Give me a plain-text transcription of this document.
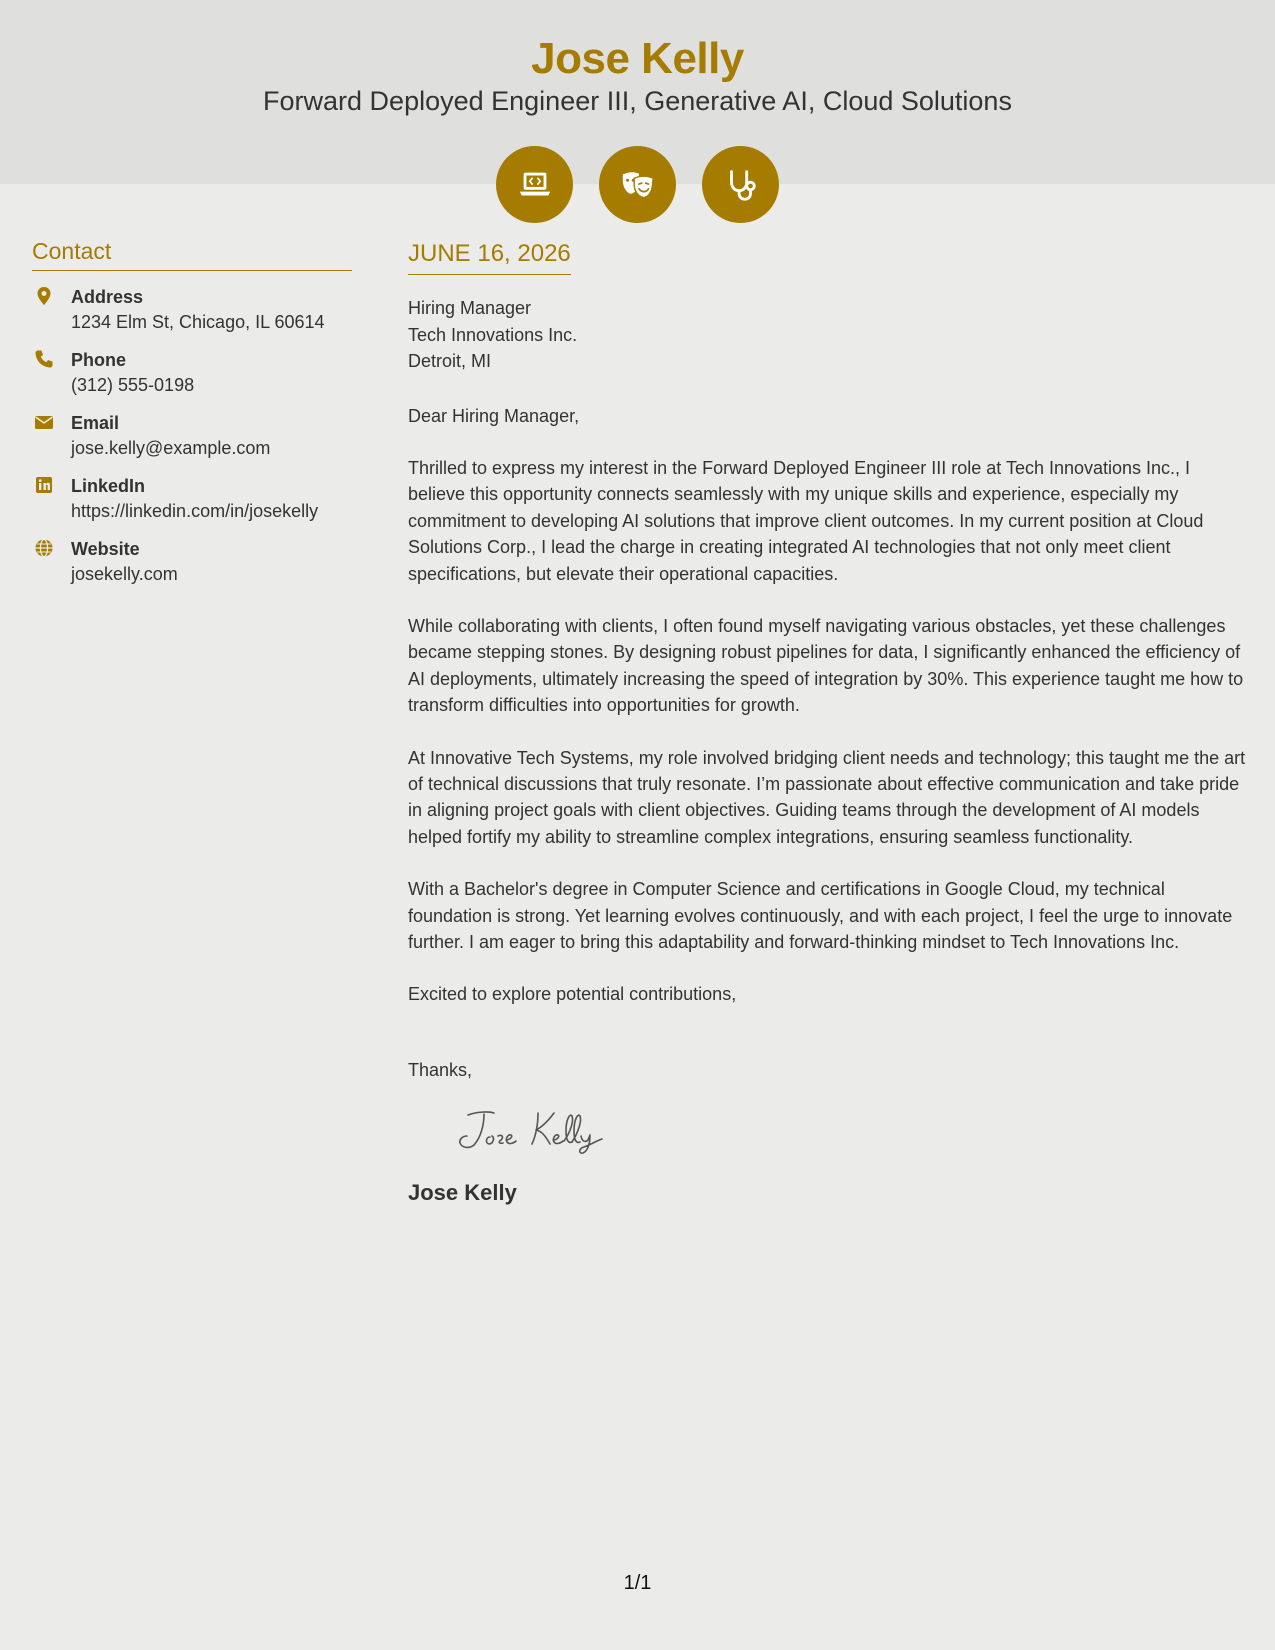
Jose Kelly
Forward Deployed Engineer III, Generative AI, Cloud Solutions
Contact
Address
1234 Elm St, Chicago, IL 60614
Phone
(312) 555-0198
Email
jose.kelly@example.com
LinkedIn
https://linkedin.com/in/josekelly
Website
josekelly.com
JUNE 16, 2026
Hiring Manager
Tech Innovations Inc.
Detroit, MI

Dear Hiring Manager,

Thrilled to express my interest in the Forward Deployed Engineer III role at Tech Innovations Inc., I believe this opportunity connects seamlessly with my unique skills and experience, especially my commitment to developing AI solutions that improve client outcomes. In my current position at Cloud Solutions Corp., I lead the charge in creating integrated AI technologies that not only meet client specifications, but elevate their operational capacities.

While collaborating with clients, I often found myself navigating various obstacles, yet these challenges became stepping stones. By designing robust pipelines for data, I significantly enhanced the efficiency of AI deployments, ultimately increasing the speed of integration by 30%. This experience taught me how to transform difficulties into opportunities for growth.

At Innovative Tech Systems, my role involved bridging client needs and technology; this taught me the art of technical discussions that truly resonate. I’m passionate about effective communication and take pride in aligning project goals with client objectives. Guiding teams through the development of AI models helped fortify my ability to streamline complex integrations, ensuring seamless functionality.

With a Bachelor's degree in Computer Science and certifications in Google Cloud, my technical foundation is strong. Yet learning evolves continuously, and with each project, I feel the urge to innovate further. I am eager to bring this adaptability and forward-thinking mindset to Tech Innovations Inc.

Excited to explore potential contributions,

Thanks,
Jose Kelly
1/1
